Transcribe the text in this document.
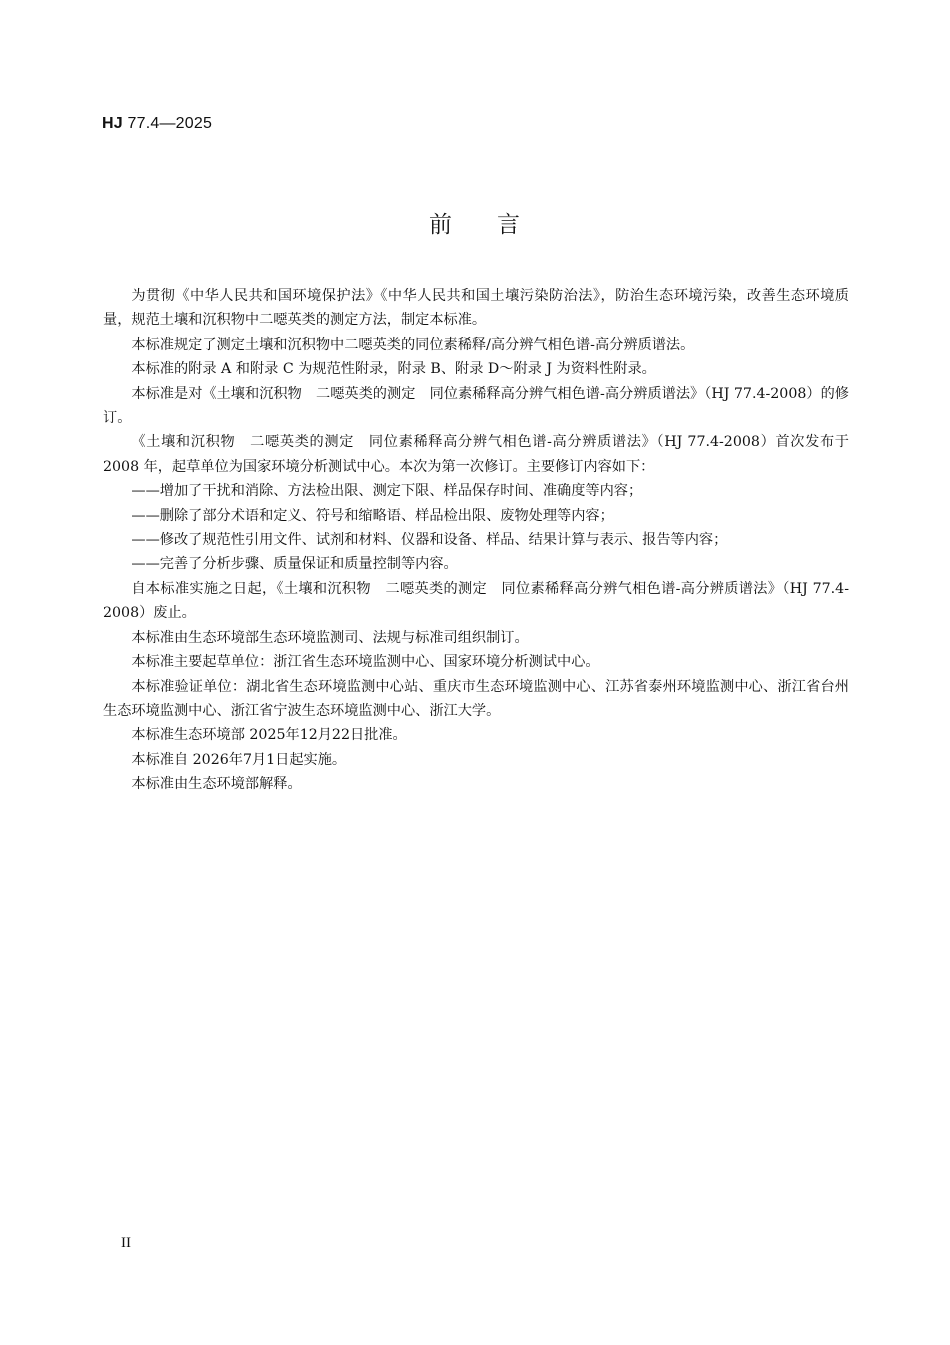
HJ 77.4—2025
前 言

为贯彻《中华人民共和国环境保护法》《中华人民共和国土壤污染防治法》，防治生态环境污染，改善生态环境质量，规范土壤和沉积物中二噁英类的测定方法，制定本标准。

本标准规定了测定土壤和沉积物中二噁英类的同位素稀释/高分辨气相色谱-高分辨质谱法。

本标准的附录 A 和附录 C 为规范性附录，附录 B、附录 D～附录 J 为资料性附录。

本标准是对《土壤和沉积物　二噁英类的测定　同位素稀释高分辨气相色谱-高分辨质谱法》（HJ 77.4-2008）的修订。

《土壤和沉积物　二噁英类的测定　同位素稀释高分辨气相色谱-高分辨质谱法》（HJ 77.4-2008）首次发布于 2008 年，起草单位为国家环境分析测试中心。本次为第一次修订。主要修订内容如下：

——增加了干扰和消除、方法检出限、测定下限、样品保存时间、准确度等内容；

——删除了部分术语和定义、符号和缩略语、样品检出限、废物处理等内容；

——修改了规范性引用文件、试剂和材料、仪器和设备、样品、结果计算与表示、报告等内容；

——完善了分析步骤、质量保证和质量控制等内容。

自本标准实施之日起，《土壤和沉积物　二噁英类的测定　同位素稀释高分辨气相色谱-高分辨质谱法》（HJ 77.4-2008）废止。

本标准由生态环境部生态环境监测司、法规与标准司组织制订。

本标准主要起草单位：浙江省生态环境监测中心、国家环境分析测试中心。

本标准验证单位：湖北省生态环境监测中心站、重庆市生态环境监测中心、江苏省泰州环境监测中心、浙江省台州生态环境监测中心、浙江省宁波生态环境监测中心、浙江大学。

本标准生态环境部 2025年12月22日批准。

本标准自 2026年7月1日起实施。

本标准由生态环境部解释。

II
